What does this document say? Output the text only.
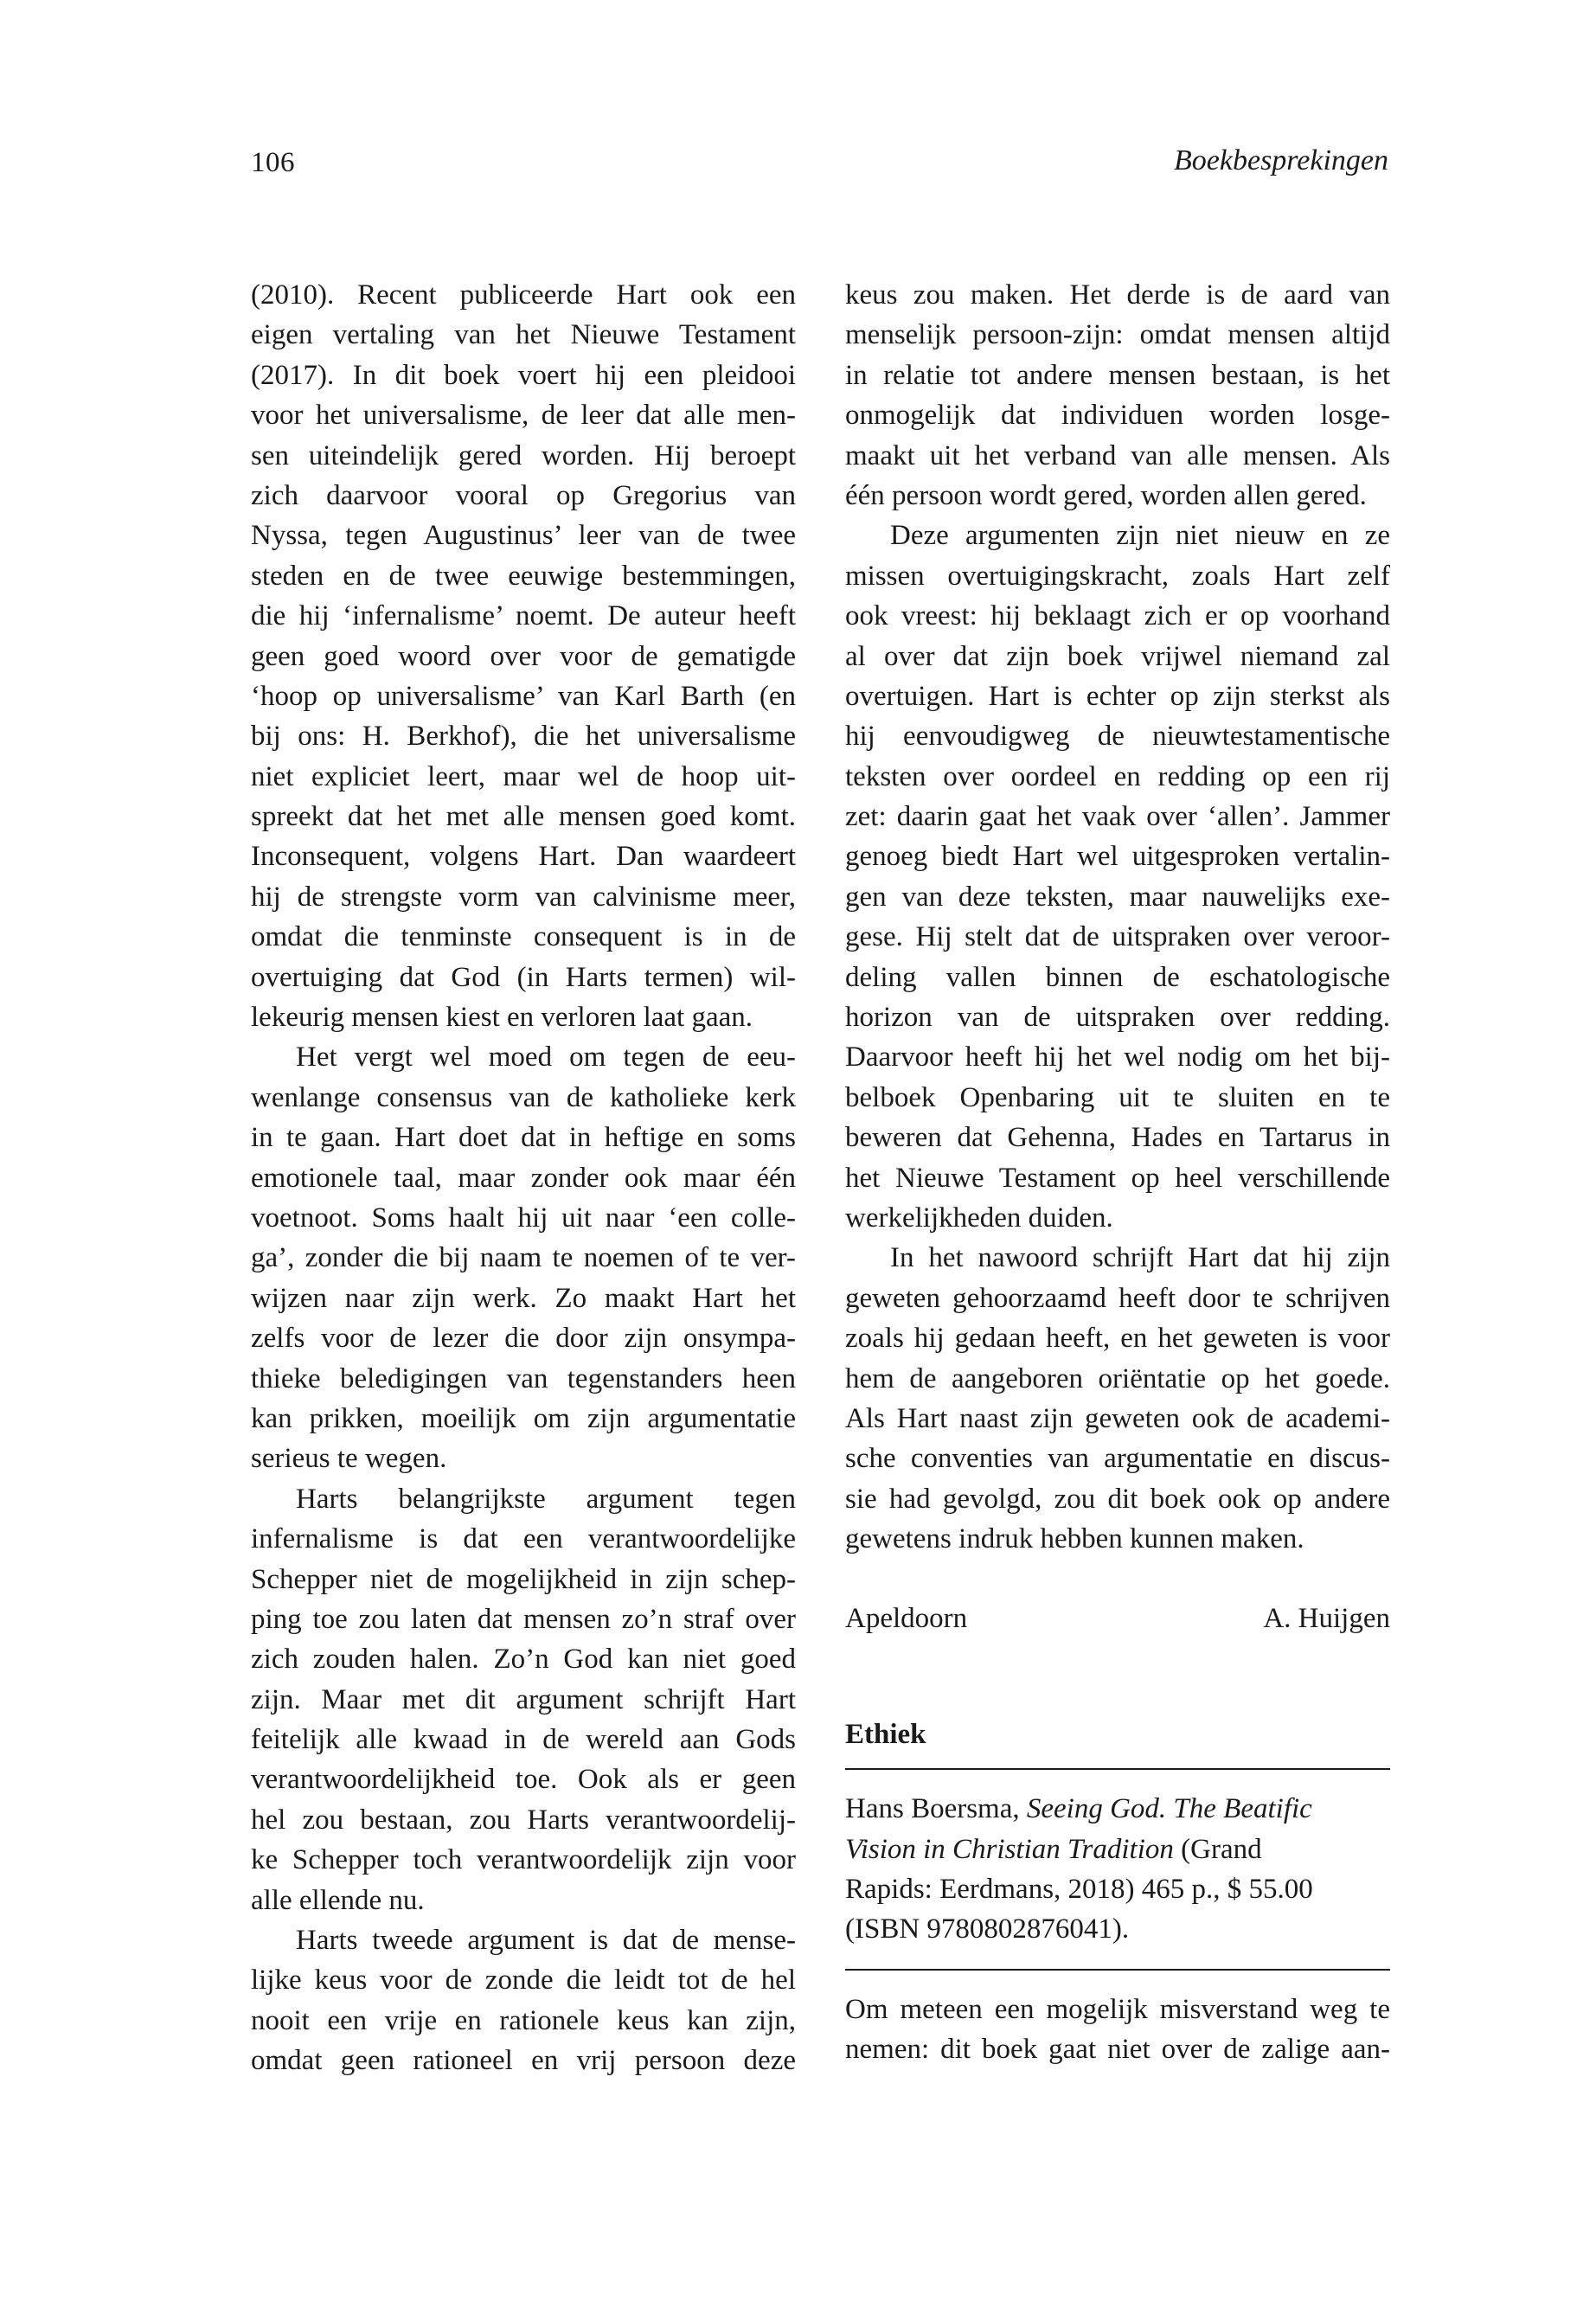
106	Boekbesprekingen
(2010). Recent publiceerde Hart ook een
eigen vertaling van het Nieuwe Testament
(2017). In dit boek voert hij een pleidooi
voor het universalisme, de leer dat alle men-
sen uiteindelijk gered worden. Hij beroept
zich daarvoor vooral op Gregorius van
Nyssa, tegen Augustinus’ leer van de twee
steden en de twee eeuwige bestemmingen,
die hij ‘infernalisme’ noemt. De auteur heeft
geen goed woord over voor de gematigde
‘hoop op universalisme’ van Karl Barth (en
bij ons: H. Berkhof), die het universalisme
niet expliciet leert, maar wel de hoop uit-
spreekt dat het met alle mensen goed komt.
Inconsequent, volgens Hart. Dan waardeert
hij de strengste vorm van calvinisme meer,
omdat die tenminste consequent is in de
overtuiging dat God (in Harts termen) wil-
lekeurig mensen kiest en verloren laat gaan.
Het vergt wel moed om tegen de eeu-
wenlange consensus van de katholieke kerk
in te gaan. Hart doet dat in heftige en soms
emotionele taal, maar zonder ook maar één
voetnoot. Soms haalt hij uit naar ‘een colle-
ga’, zonder die bij naam te noemen of te ver-
wijzen naar zijn werk. Zo maakt Hart het
zelfs voor de lezer die door zijn onsympa-
thieke beledigingen van tegenstanders heen
kan prikken, moeilijk om zijn argumentatie
serieus te wegen.
Harts belangrijkste argument tegen
infernalisme is dat een verantwoordelijke
Schepper niet de mogelijkheid in zijn schep-
ping toe zou laten dat mensen zo’n straf over
zich zouden halen. Zo’n God kan niet goed
zijn. Maar met dit argument schrijft Hart
feitelijk alle kwaad in de wereld aan Gods
verantwoordelijkheid toe. Ook als er geen
hel zou bestaan, zou Harts verantwoordelij-
ke Schepper toch verantwoordelijk zijn voor
alle ellende nu.
Harts tweede argument is dat de mense-
lijke keus voor de zonde die leidt tot de hel
nooit een vrije en rationele keus kan zijn,
omdat geen rationeel en vrij persoon deze
keus zou maken. Het derde is de aard van
menselijk persoon-zijn: omdat mensen altijd
in relatie tot andere mensen bestaan, is het
onmogelijk dat individuen worden losge-
maakt uit het verband van alle mensen. Als
één persoon wordt gered, worden allen gered.
Deze argumenten zijn niet nieuw en ze
missen overtuigingskracht, zoals Hart zelf
ook vreest: hij beklaagt zich er op voorhand
al over dat zijn boek vrijwel niemand zal
overtuigen. Hart is echter op zijn sterkst als
hij eenvoudigweg de nieuwtestamentische
teksten over oordeel en redding op een rij
zet: daarin gaat het vaak over ‘allen’. Jammer
genoeg biedt Hart wel uitgesproken vertalin-
gen van deze teksten, maar nauwelijks exe-
gese. Hij stelt dat de uitspraken over veroor-
deling vallen binnen de eschatologische
horizon van de uitspraken over redding.
Daarvoor heeft hij het wel nodig om het bij-
belboek Openbaring uit te sluiten en te
beweren dat Gehenna, Hades en Tartarus in
het Nieuwe Testament op heel verschillende
werkelijkheden duiden.
In het nawoord schrijft Hart dat hij zijn
geweten gehoorzaamd heeft door te schrijven
zoals hij gedaan heeft, en het geweten is voor
hem de aangeboren oriëntatie op het goede.
Als Hart naast zijn geweten ook de academi-
sche conventies van argumentatie en discus-
sie had gevolgd, zou dit boek ook op andere
gewetens indruk hebben kunnen maken.
Apeldoorn	A. Huijgen
Ethiek
Hans Boersma, Seeing God. The Beatific
Vision in Christian Tradition (Grand
Rapids: Eerdmans, 2018) 465 p., $ 55.00
(ISBN 9780802876041).
Om meteen een mogelijk misverstand weg te
nemen: dit boek gaat niet over de zalige aan-
